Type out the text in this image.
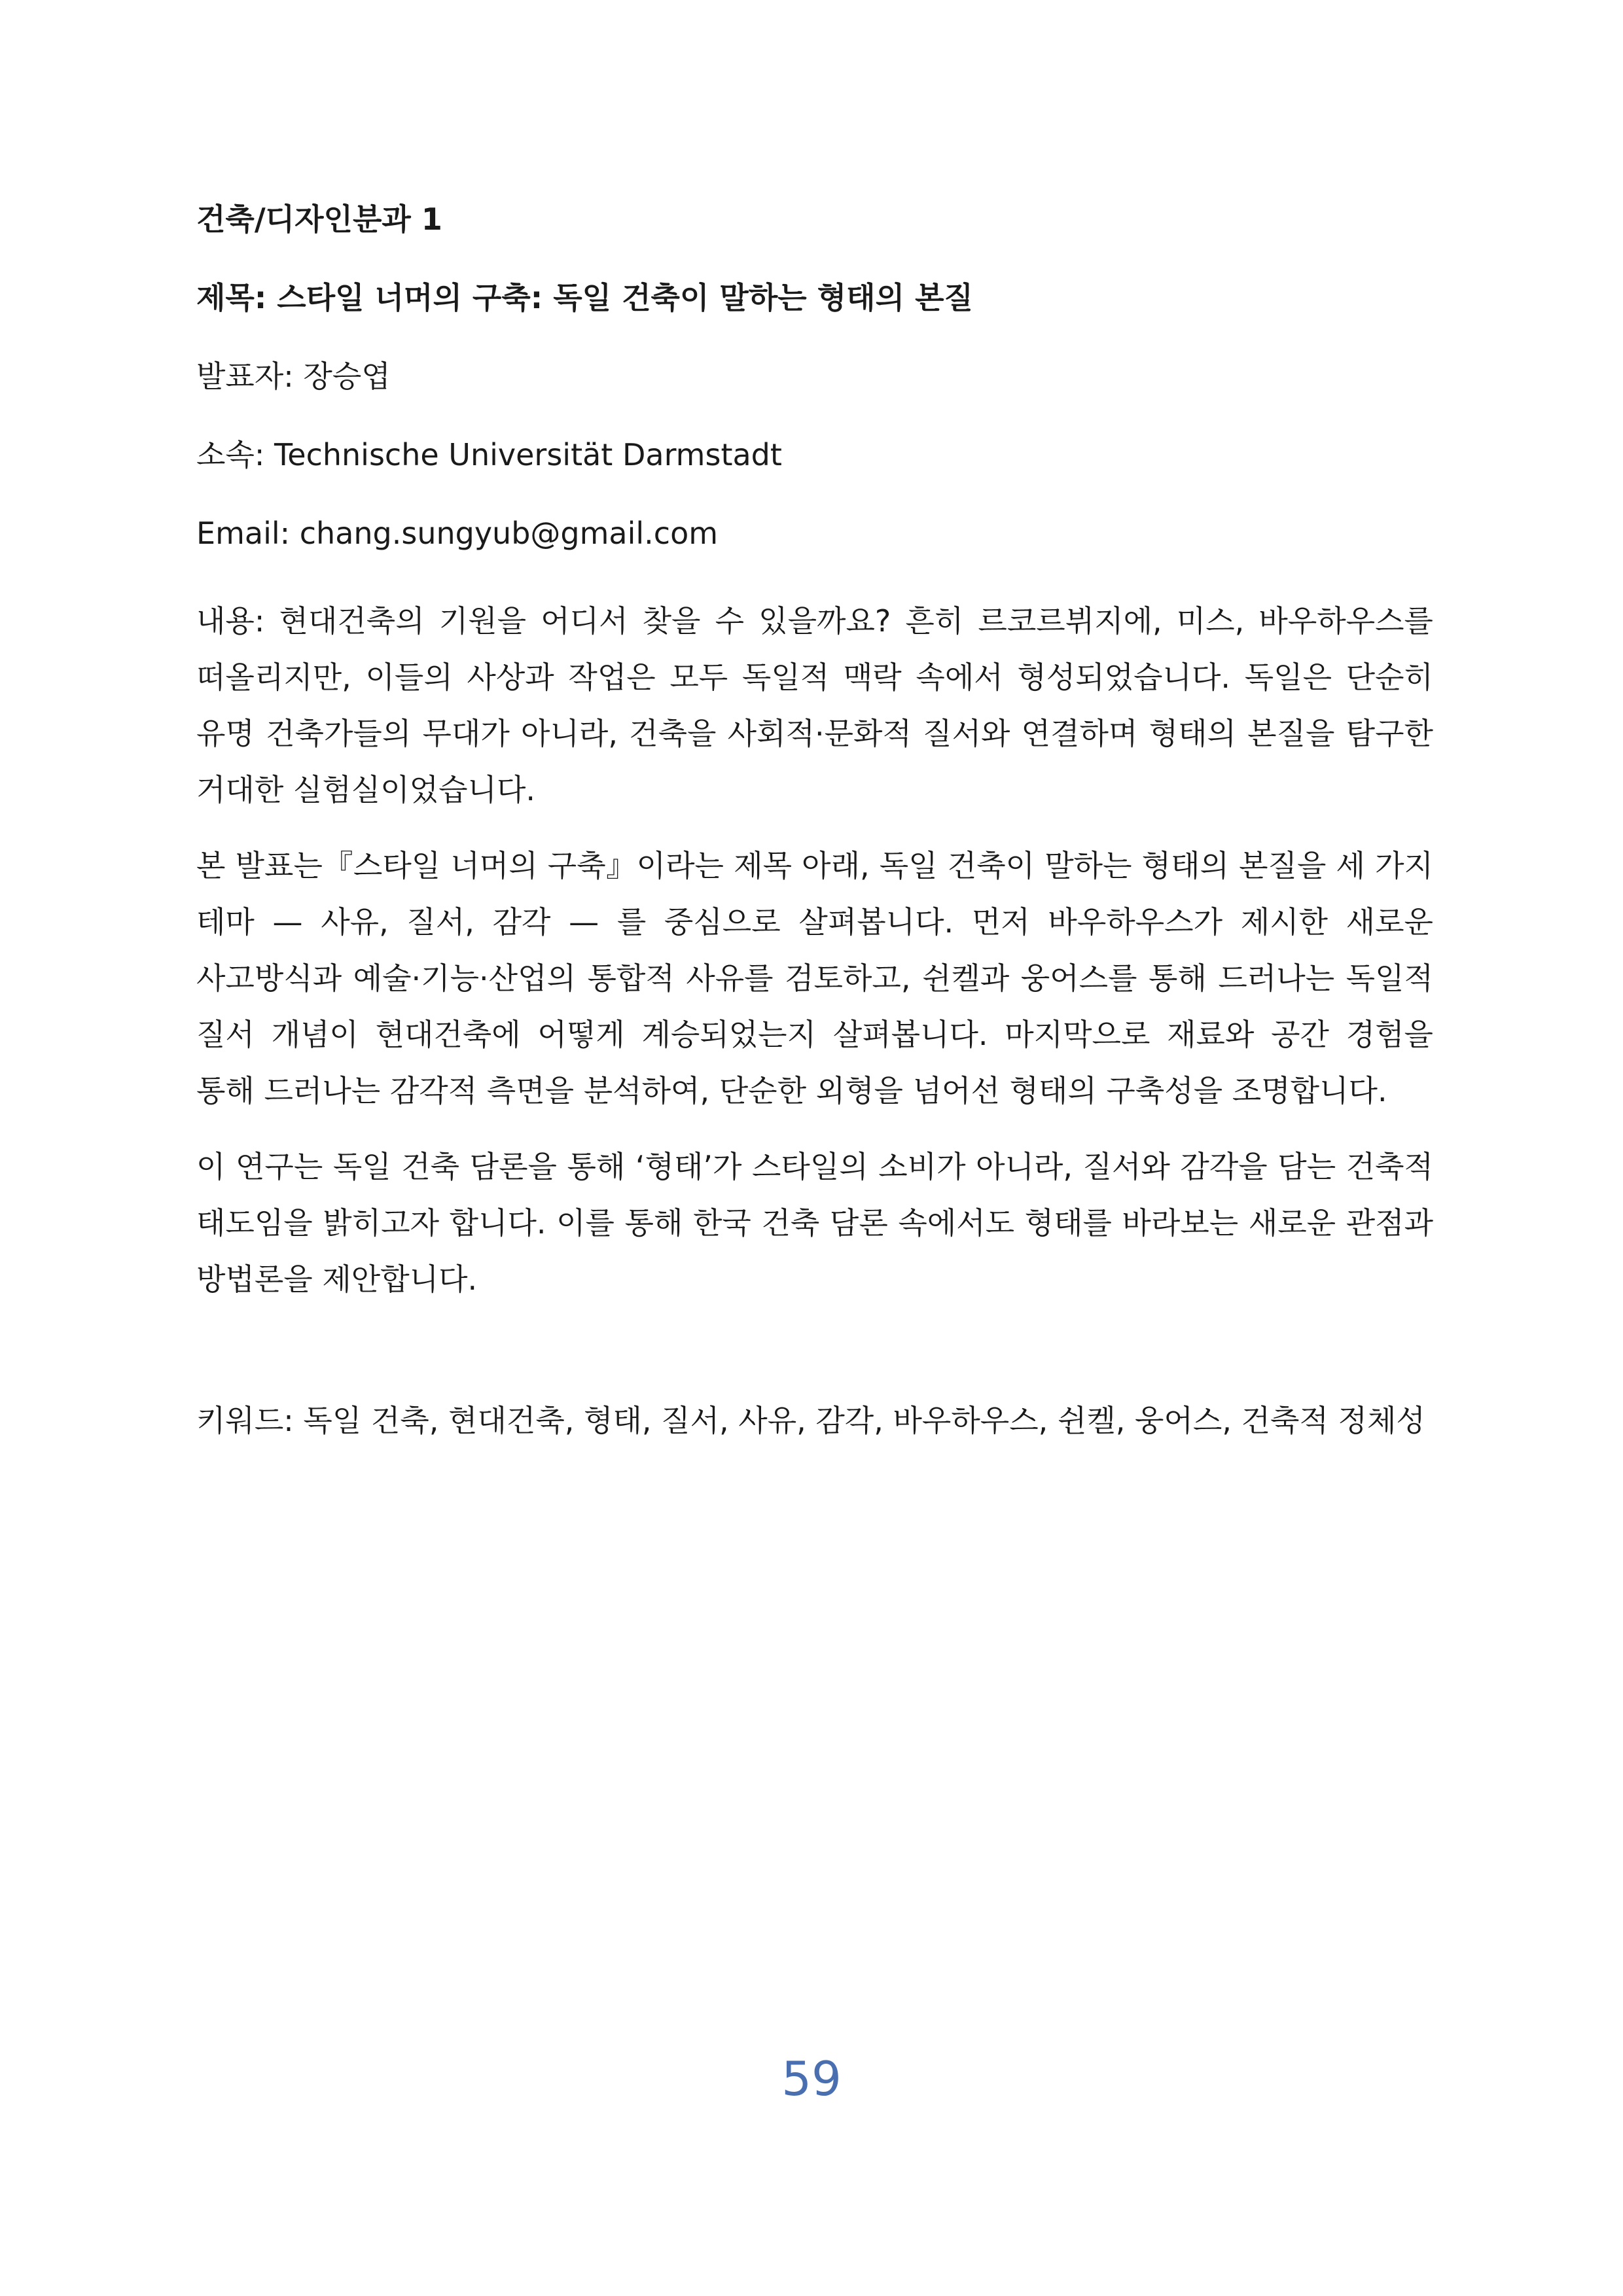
건축/디자인분과 1

제목: 스타일 너머의 구축: 독일 건축이 말하는 형태의 본질

발표자: 장승엽

소속: Technische Universität Darmstadt

Email: chang.sungyub@gmail.com

내용: 현대건축의 기원을 어디서 찾을 수 있을까요? 흔히 르코르뷔지에, 미스, 바우하우스를 떠올리지만, 이들의 사상과 작업은 모두 독일적 맥락 속에서 형성되었습니다. 독일은 단순히 유명 건축가들의 무대가 아니라, 건축을 사회적·문화적 질서와 연결하며 형태의 본질을 탐구한 거대한 실험실이었습니다.

본 발표는『스타일 너머의 구축』이라는 제목 아래, 독일 건축이 말하는 형태의 본질을 세 가지 테마 — 사유, 질서, 감각 — 를 중심으로 살펴봅니다. 먼저 바우하우스가 제시한 새로운 사고방식과 예술·기능·산업의 통합적 사유를 검토하고, 쉰켈과 웅어스를 통해 드러나는 독일적 질서 개념이 현대건축에 어떻게 계승되었는지 살펴봅니다. 마지막으로 재료와 공간 경험을 통해 드러나는 감각적 측면을 분석하여, 단순한 외형을 넘어선 형태의 구축성을 조명합니다.

이 연구는 독일 건축 담론을 통해 ‘형태’가 스타일의 소비가 아니라, 질서와 감각을 담는 건축적 태도임을 밝히고자 합니다. 이를 통해 한국 건축 담론 속에서도 형태를 바라보는 새로운 관점과 방법론을 제안합니다.

키워드: 독일 건축, 현대건축, 형태, 질서, 사유, 감각, 바우하우스, 쉰켈, 웅어스, 건축적 정체성

59
